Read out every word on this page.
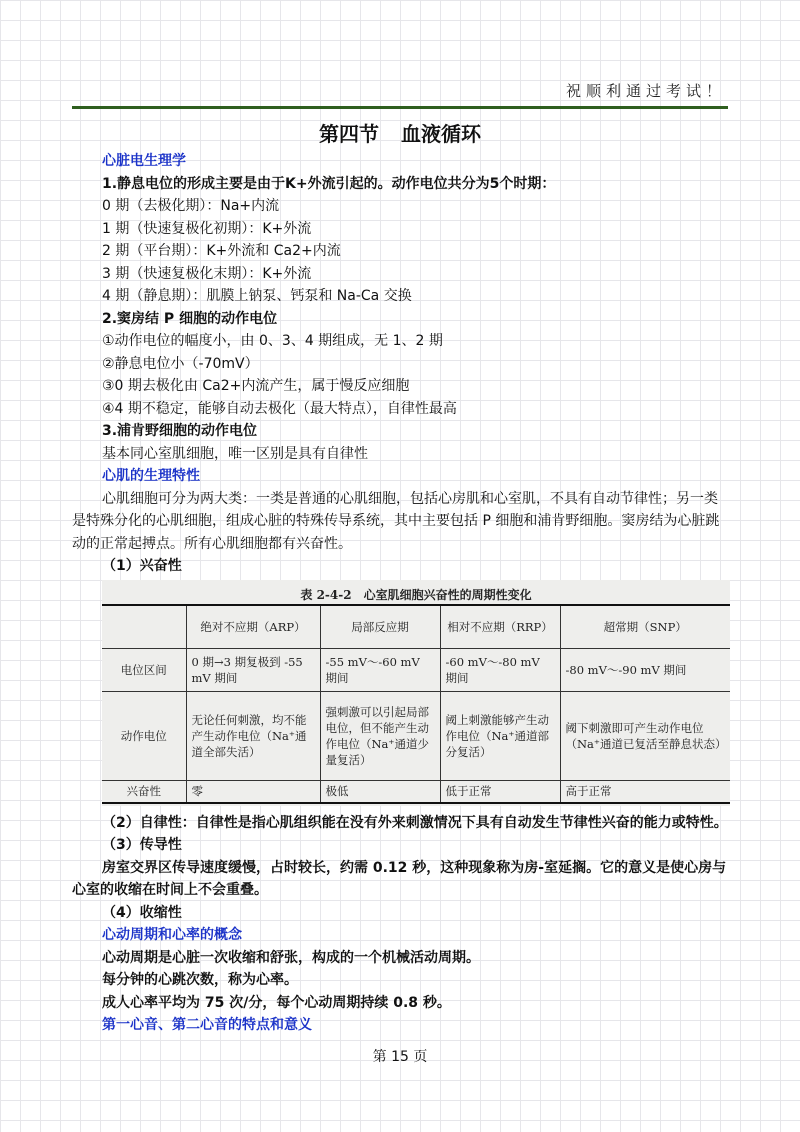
祝顺利通过考试！
第四节 血液循环
心脏电生理学
1.静息电位的形成主要是由于K+外流引起的。动作电位共分为5个时期：
0 期（去极化期）：Na+内流
1 期（快速复极化初期）：K+外流
2 期（平台期）：K+外流和 Ca2+内流
3 期（快速复极化末期）：K+外流
4 期（静息期）：肌膜上钠泵、钙泵和 Na-Ca 交换
2.窦房结 P 细胞的动作电位
①动作电位的幅度小，由 0、3、4 期组成，无 1、2 期
②静息电位小（-70mV）
③0 期去极化由 Ca2+内流产生，属于慢反应细胞
④4 期不稳定，能够自动去极化（最大特点），自律性最高
3.浦肯野细胞的动作电位
基本同心室肌细胞，唯一区别是具有自律性
心肌的生理特性
心肌细胞可分为两大类：一类是普通的心肌细胞，包括心房肌和心室肌，不具有自动节律性；另一类是特殊分化的心肌细胞，组成心脏的特殊传导系统，其中主要包括 P 细胞和浦肯野细胞。窦房结为心脏跳动的正常起搏点。所有心肌细胞都有兴奋性。
（1）兴奋性
表 2-4-2　心室肌细胞兴奋性的周期性变化
	绝对不应期（ARP）	局部反应期	相对不应期（RRP）	超常期（SNP）
电位区间	0 期→3 期复极到 -55 mV 期间	-55 mV～-60 mV 期间	-60 mV～-80 mV 期间	-80 mV～-90 mV 期间
动作电位	无论任何刺激，均不能产生动作电位（Na⁺通道全部失活）	强刺激可以引起局部电位，但不能产生动作电位（Na⁺通道少量复活）	阈上刺激能够产生动作电位（Na⁺通道部分复活）	阈下刺激即可产生动作电位（Na⁺通道已复活至静息状态）
兴奋性	零	极低	低于正常	高于正常
（2）自律性：自律性是指心肌组织能在没有外来刺激情况下具有自动发生节律性兴奋的能力或特性。
（3）传导性
房室交界区传导速度缓慢，占时较长，约需 0.12 秒，这种现象称为房-室延搁。它的意义是使心房与心室的收缩在时间上不会重叠。
（4）收缩性
心动周期和心率的概念
心动周期是心脏一次收缩和舒张，构成的一个机械活动周期。
每分钟的心跳次数，称为心率。
成人心率平均为 75 次/分，每个心动周期持续 0.8 秒。
第一心音、第二心音的特点和意义
第 15 页
